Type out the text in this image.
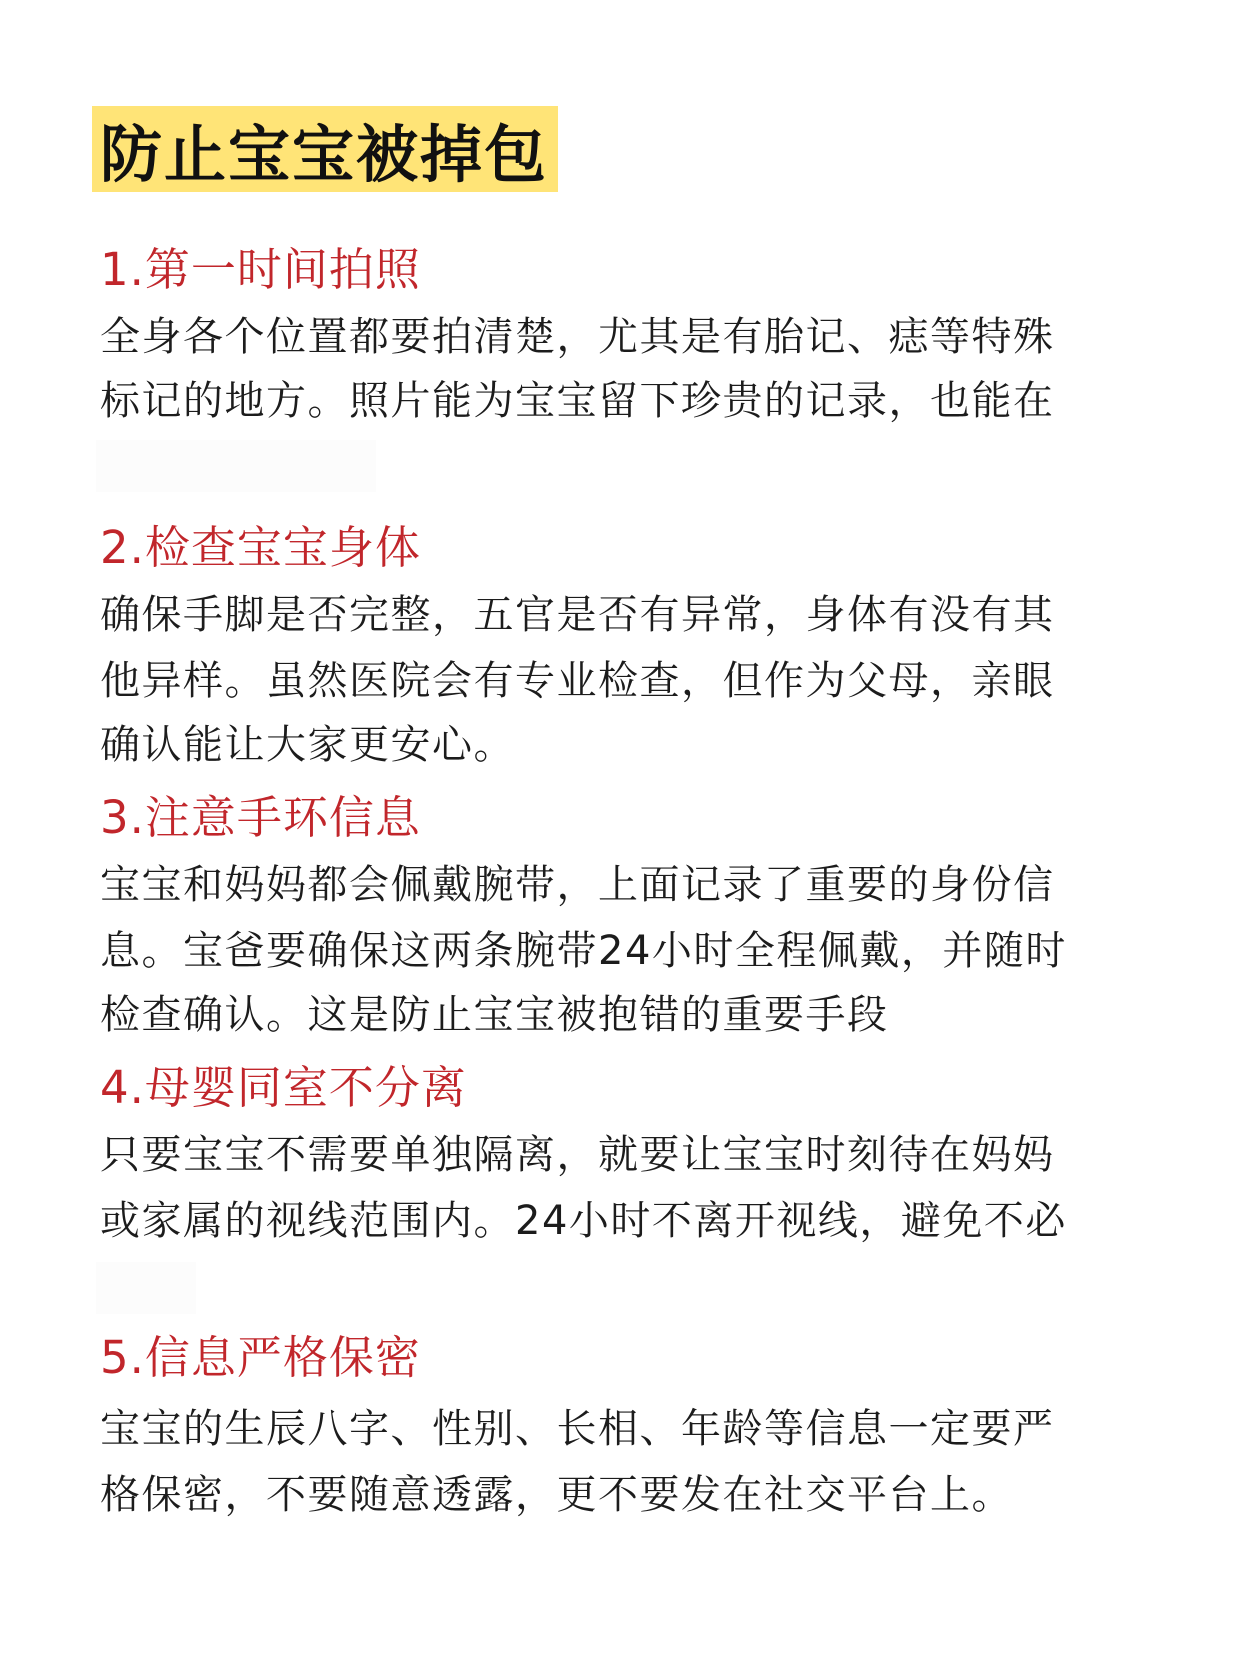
防止宝宝被掉包
1.第一时间拍照
全身各个位置都要拍清楚，尤其是有胎记、痣等特殊
标记的地方。照片能为宝宝留下珍贵的记录，也能在
2.检查宝宝身体
确保手脚是否完整，五官是否有异常，身体有没有其
他异样。虽然医院会有专业检查，但作为父母，亲眼
确认能让大家更安心。
3.注意手环信息
宝宝和妈妈都会佩戴腕带，上面记录了重要的身份信
息。宝爸要确保这两条腕带24小时全程佩戴，并随时
检查确认。这是防止宝宝被抱错的重要手段
4.母婴同室不分离
只要宝宝不需要单独隔离，就要让宝宝时刻待在妈妈
或家属的视线范围内。24小时不离开视线，避免不必
5.信息严格保密
宝宝的生辰八字、性别、长相、年龄等信息一定要严
格保密，不要随意透露，更不要发在社交平台上。
